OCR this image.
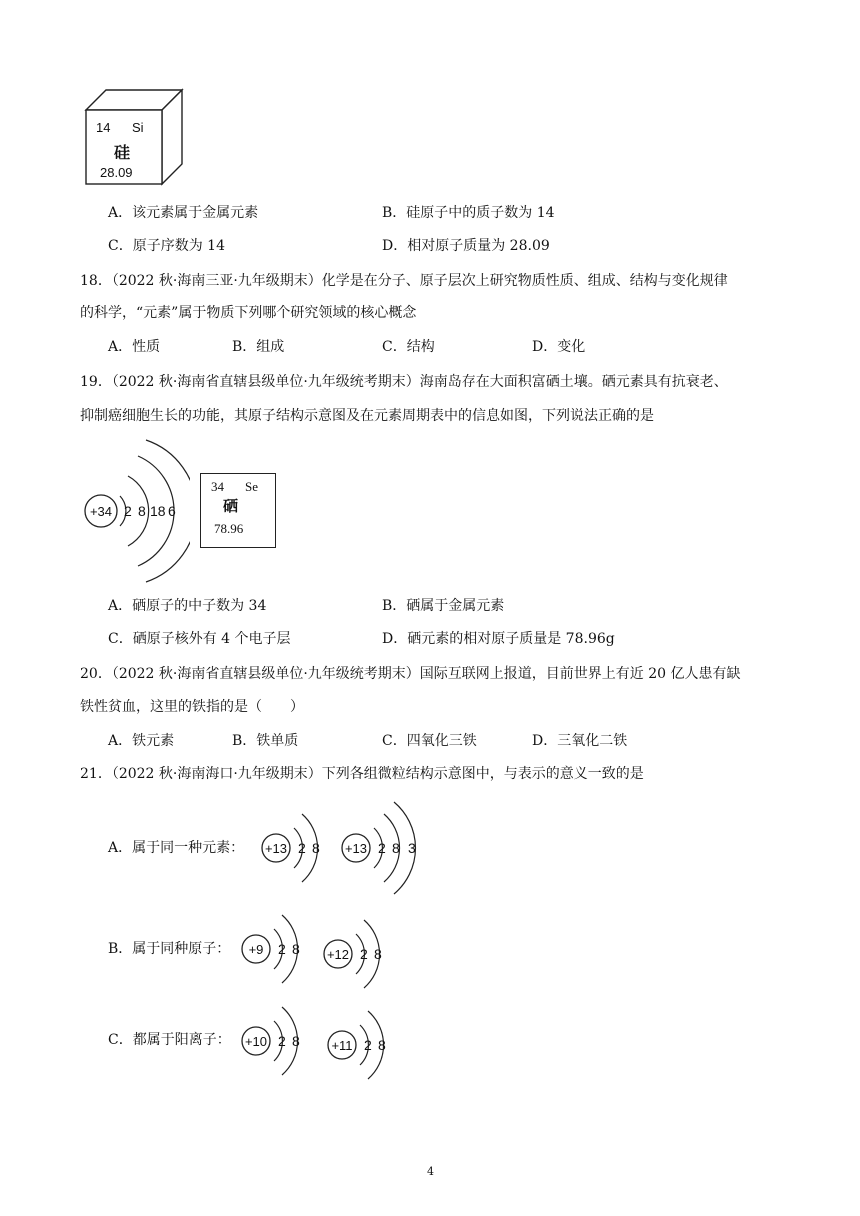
14 Si
硅
28.09
A．该元素属于金属元素	B．硅原子中的质子数为 14
C．原子序数为 14	D．相对原子质量为 28.09
18．（2022 秋·海南三亚·九年级期末）化学是在分子、原子层次上研究物质性质、组成、结构与变化规律
的科学，“元素”属于物质下列哪个研究领域的核心概念
A．性质	B．组成	C．结构	D．变化
19．（2022 秋·海南省直辖县级单位·九年级统考期末）海南岛存在大面积富硒土壤。硒元素具有抗衰老、
抑制癌细胞生长的功能，其原子结构示意图及在元素周期表中的信息如图，下列说法正确的是
+34 2 8 18 6
34 Se
硒
78.96
A．硒原子的中子数为 34	B．硒属于金属元素
C．硒原子核外有 4 个电子层	D．硒元素的相对原子质量是 78.96g
20．（2022 秋·海南省直辖县级单位·九年级统考期末）国际互联网上报道，目前世界上有近 20 亿人患有缺
铁性贫血，这里的铁指的是（　　）
A．铁元素	B．铁单质	C．四氧化三铁	D．三氧化二铁
21．（2022 秋·海南海口·九年级期末）下列各组微粒结构示意图中，与表示的意义一致的是
A．属于同一种元素： +13 2 8 +13 2 8 3
B．属于同种原子： +9 2 8 +12 2 8
C．都属于阳离子： +10 2 8 +11 2 8
4
